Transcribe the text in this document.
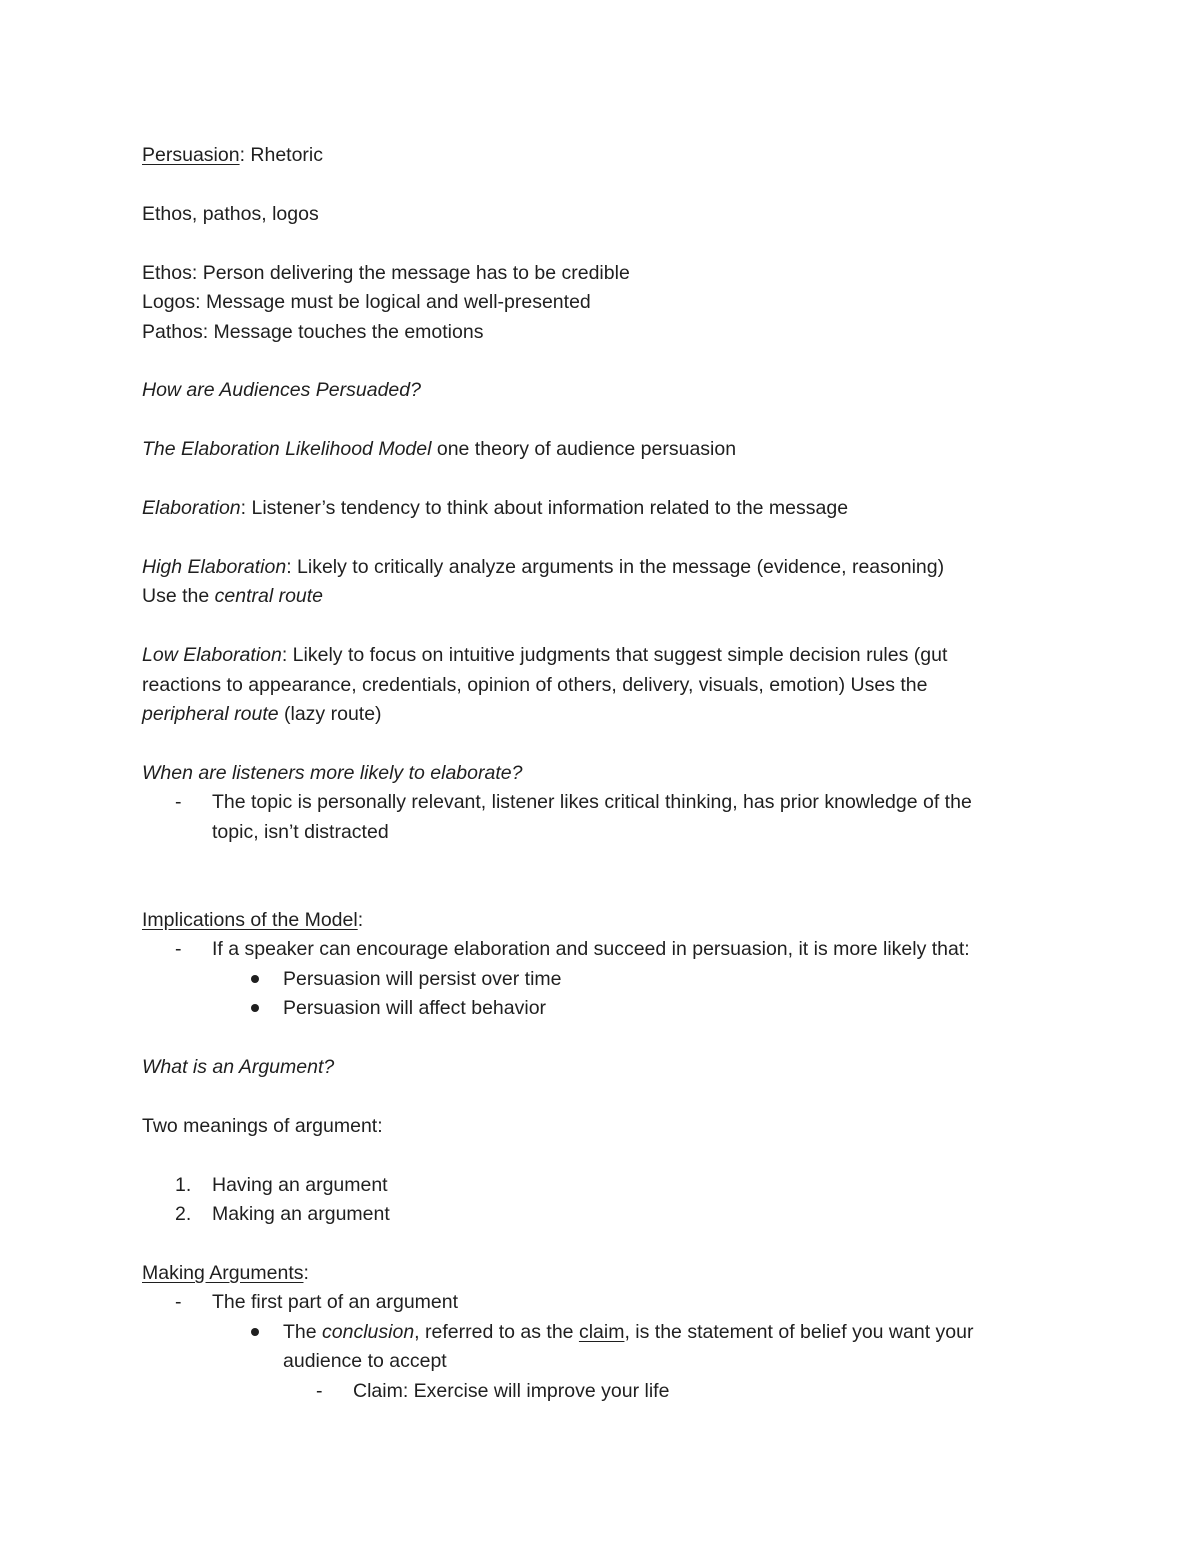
Persuasion: Rhetoric
Ethos, pathos, logos
Ethos: Person delivering the message has to be credible
Logos: Message must be logical and well-presented
Pathos: Message touches the emotions
How are Audiences Persuaded?
The Elaboration Likelihood Model one theory of audience persuasion
Elaboration: Listener’s tendency to think about information related to the message
High Elaboration: Likely to critically analyze arguments in the message (evidence, reasoning)
Use the central route
Low Elaboration: Likely to focus on intuitive judgments that suggest simple decision rules (gut
reactions to appearance, credentials, opinion of others, delivery, visuals, emotion) Uses the
peripheral route (lazy route)
When are listeners more likely to elaborate?
- The topic is personally relevant, listener likes critical thinking, has prior knowledge of the
topic, isn’t distracted
Implications of the Model:
- If a speaker can encourage elaboration and succeed in persuasion, it is more likely that:
Persuasion will persist over time
Persuasion will affect behavior
What is an Argument?
Two meanings of argument:
1. Having an argument
2. Making an argument
Making Arguments:
- The first part of an argument
The conclusion, referred to as the claim, is the statement of belief you want your
audience to accept
- Claim: Exercise will improve your life
